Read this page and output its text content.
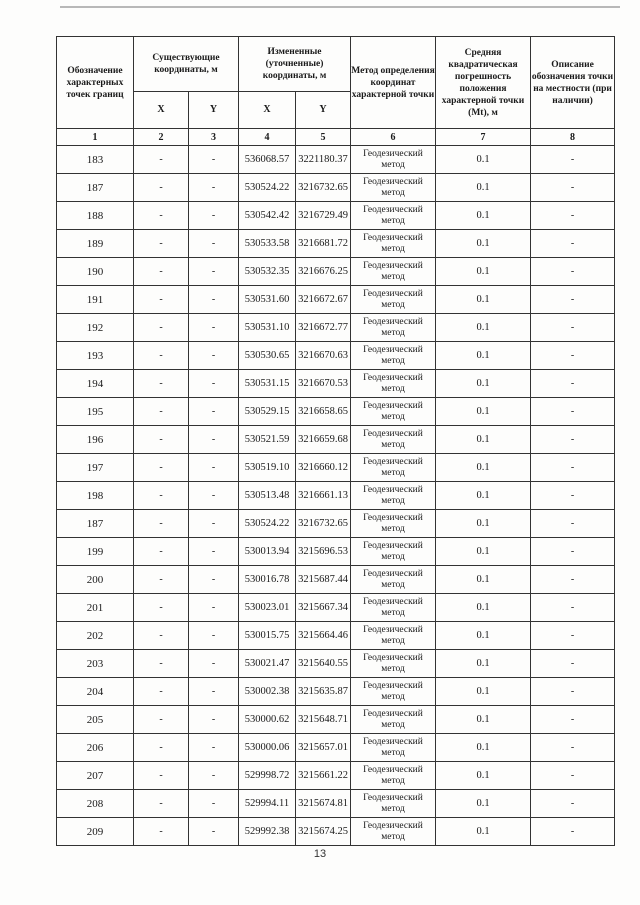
Обозначение характерных точек границ	Существующие координаты, м		Измененные (уточненные) координаты, м		Метод определения координат характерной точки	Средняя квадратическая погрешность положения характерной точки (Mt), м	Описание обозначения точки на местности (при наличии)
	X	Y	X	Y			
1	2	3	4	5	6	7	8
183	-	-	536068.57	3221180.37	Геодезический метод	0.1	-
187	-	-	530524.22	3216732.65	Геодезический метод	0.1	-
188	-	-	530542.42	3216729.49	Геодезический метод	0.1	-
189	-	-	530533.58	3216681.72	Геодезический метод	0.1	-
190	-	-	530532.35	3216676.25	Геодезический метод	0.1	-
191	-	-	530531.60	3216672.67	Геодезический метод	0.1	-
192	-	-	530531.10	3216672.77	Геодезический метод	0.1	-
193	-	-	530530.65	3216670.63	Геодезический метод	0.1	-
194	-	-	530531.15	3216670.53	Геодезический метод	0.1	-
195	-	-	530529.15	3216658.65	Геодезический метод	0.1	-
196	-	-	530521.59	3216659.68	Геодезический метод	0.1	-
197	-	-	530519.10	3216660.12	Геодезический метод	0.1	-
198	-	-	530513.48	3216661.13	Геодезический метод	0.1	-
187	-	-	530524.22	3216732.65	Геодезический метод	0.1	-
199	-	-	530013.94	3215696.53	Геодезический метод	0.1	-
200	-	-	530016.78	3215687.44	Геодезический метод	0.1	-
201	-	-	530023.01	3215667.34	Геодезический метод	0.1	-
202	-	-	530015.75	3215664.46	Геодезический метод	0.1	-
203	-	-	530021.47	3215640.55	Геодезический метод	0.1	-
204	-	-	530002.38	3215635.87	Геодезический метод	0.1	-
205	-	-	530000.62	3215648.71	Геодезический метод	0.1	-
206	-	-	530000.06	3215657.01	Геодезический метод	0.1	-
207	-	-	529998.72	3215661.22	Геодезический метод	0.1	-
208	-	-	529994.11	3215674.81	Геодезический метод	0.1	-
209	-	-	529992.38	3215674.25	Геодезический метод	0.1	-
13
